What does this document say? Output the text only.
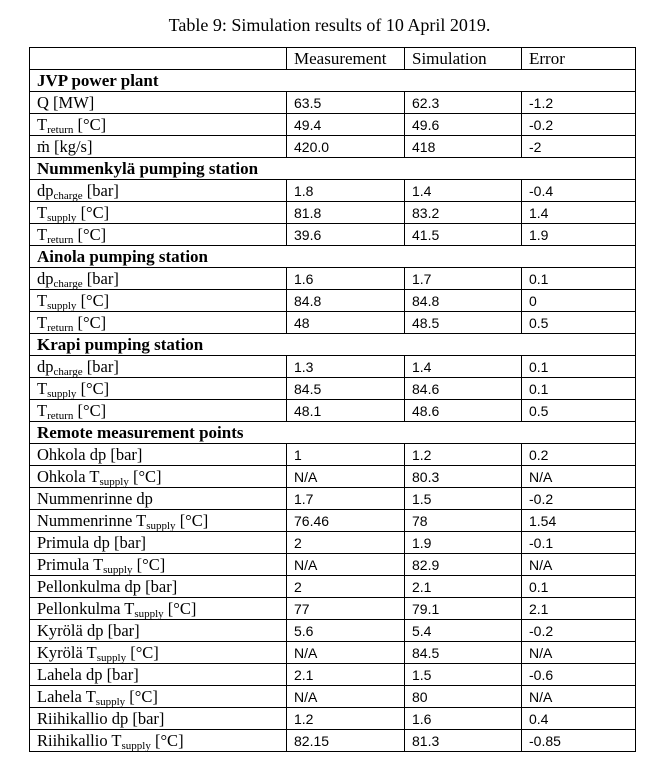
Table 9: Simulation results of 10 April 2019.
	Measurement	Simulation	Error
JVP power plant			
Q [MW]	63.5	62.3	-1.2
$T_{return}$ [°C]	49.4	49.6	-0.2
ṁ [kg/s]	420.0	418	-2
Nummenkylä pumping station			
$dp_{charge}$ [bar]	1.8	1.4	-0.4
$T_{supply}$ [°C]	81.8	83.2	1.4
$T_{return}$ [°C]	39.6	41.5	1.9
Ainola pumping station			
$dp_{charge}$ [bar]	1.6	1.7	0.1
$T_{supply}$ [°C]	84.8	84.8	0
$T_{return}$ [°C]	48	48.5	0.5
Krapi pumping station			
$dp_{charge}$ [bar]	1.3	1.4	0.1
$T_{supply}$ [°C]	84.5	84.6	0.1
$T_{return}$ [°C]	48.1	48.6	0.5
Remote measurement points			
Ohkola dp [bar]	1	1.2	0.2
Ohkola $T_{supply}$ [°C]	N/A	80.3	N/A
Nummenrinne dp	1.7	1.5	-0.2
Nummenrinne $T_{supply}$ [°C]	76.46	78	1.54
Primula dp [bar]	2	1.9	-0.1
Primula $T_{supply}$ [°C]	N/A	82.9	N/A
Pellonkulma dp [bar]	2	2.1	0.1
Pellonkulma $T_{supply}$ [°C]	77	79.1	2.1
Kyrölä dp [bar]	5.6	5.4	-0.2
Kyrölä $T_{supply}$ [°C]	N/A	84.5	N/A
Lahela dp [bar]	2.1	1.5	-0.6
Lahela $T_{supply}$ [°C]	N/A	80	N/A
Riihikallio dp [bar]	1.2	1.6	0.4
Riihikallio $T_{supply}$ [°C]	82.15	81.3	-0.85
